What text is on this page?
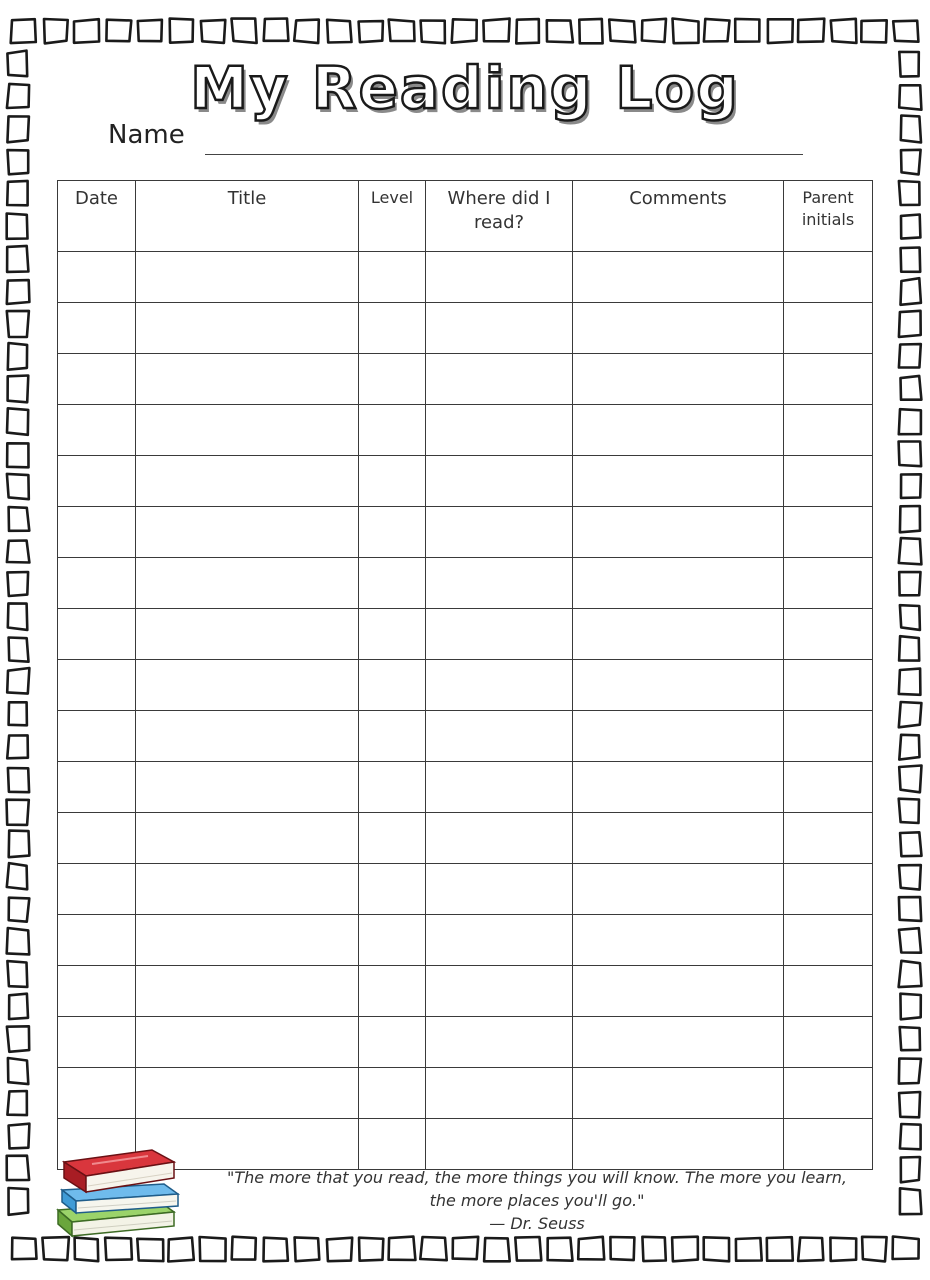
My Reading Log
Name
Date	Title	Level	Where did I read?	Comments	Parent initials

"The more that you read, the more things you will know. The more you learn,
the more places you'll go."
— Dr. Seuss
